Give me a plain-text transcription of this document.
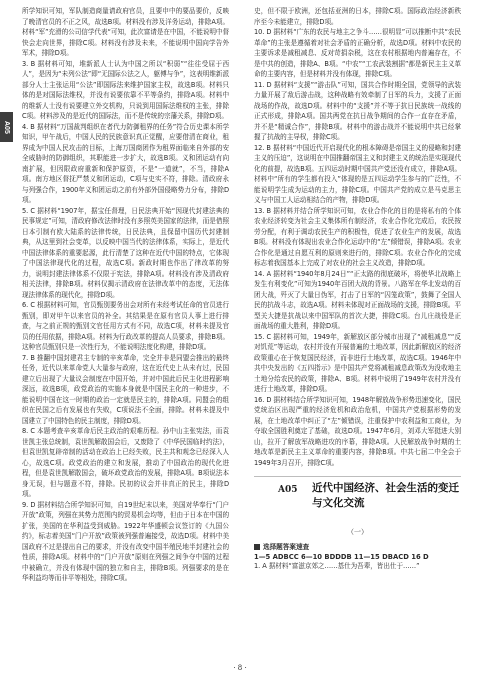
A05

所学知识可知，军队制造商量请政府官员，且要申中的要品要价，反映了晚清官员的不正之风，故选B项。材料没有涉及洋务运动，排除A项。材料“军”充滑的公司信学代表“可知，此次富请是在中国，不能说明中督快会走向世界，排除C项。材料没有涉及未来，不能说明中国向学告外军术，排除D项。

3. B 据材料可知，堆新派人士认为中国之所以“积弱”“往往受屈于西人”，是因为“未列公法”即“无国际公法之人，躯傅与争”，这表明维新派部分人士主张运用“公法”即国际法来维护国家主权，故选B项。材料只体的是对国际法维权，并没有说要依靠不平等条约，排除A项。材料中的维新人士没有说要建立外交机构，只说到用国际法维权的主张，排除C项。材料涉及的是近代的国际法，而不是传统的宗藩关系，排除D项。

4. B 据材料“万国裁判组织在者代力防御租界的任务”符合历史课本所学知识，甲午战后，中国人民的民族意识真正觉醒，应要借清在商业，租界成为中国人民攻击的目标，上海万国商团作为租界面临来自外部的安全威胁时的防御组织，其职能进一步扩大，故选B项。义和团运动有向南扩展，但因限政府重新和保护原资，不是“一道就”，不当，排除A项。南方地区督抚严禁义和团运动，C项与史实不符，排除。清政府永与列强合作，1900年义和团运动之前有外部外国侵略势力分布，排除D项。

5. C 据材料“1907年，据宝任督理，日民法典开始“因现代封建法典的民事规定”可知，清政府修改法律时没有多照英美国家的法律，而是借照日本引制有欧大陆系的法律传统，日民法典，且保留中国历代封建制典，从这里到社会变革，以反映中国当代的法律体系，实际上，是近代中国法律体系的重要起源，此行清楚了这种在近代中国的特点，它体现了中国法律现代化的过程，故选C项。新政时期也作出了律改革的努力，说明封建法律体系不仅限于宪法，排除A项。材料没有涉及清政府相关法律，排除B项。材料仅揭示清政府在法律改革中的态度，无法体现法律体系的现代化，排除D项。

6. C 根据材料可知，官员甄别要务出会对所有未经考试任命的官员进行甄别，即对甲午以来官员的补全。其结果是在原有官员人事上进行排查，与之前正规的甄别文官任用方式有不同，故选C项，材料未提及官员的任用依据，排除A项。材料为行政改革的提高人员要求，排除B项。这种官员甄别只是一次性行为，不能说明法度化构建，排除D项。

7. B 推翻中国封建君主专制的辛亥革命，完全并非是同盟会推出的最终任务，近代以来革命党人大量参与政府，这在近代史上从未有过，民国建立后出现了大量议会制度在中国开始，并对中国此后民主化进程影响深远，故选B项，政党政治的实施本身就是中国民主化的一种进步，不能说明中国在这一时期的政治一定就是民主的，排除A项。同盟会的组织在民国之后有发展也有失败，C项说法不全面，排除。材料未提及中国建立了中国特色的民主制度，排除D项。

8. C 本题考查辛亥革命后民主政治的艰难历程。孙中山主张宪法，而袁世凯主张总统制，袁世凯解散国会后，又废除了《中华民国临时约法》，但袁世凯复辟帝制的活动在政治上已经失败，民主共和观念已经深入人心，故选C项。政党政治的建立和发展，推动了中国政治的现代化进程，但是袁世凯解散国会，破坏政党政治的发展，排除A项。B项说法本身无误，但与题意不符，排除。民初的议会并非真正的民主，排除D项。

9. D 据材料结合所学知识可知，自19世纪末以来，美国对华奉行“门户开放”政策，列强在其势力范围内的贸易机会均等，但由于日本在中国的扩张，美国的在华利益受到威胁。1922年华盛顿会议签订的《九国公约》，标志着美国“门户开放”政策被列强普遍接受，故选D项。材料中美国政府不过是提出自己的要求，并没有改变中国半殖民地半封建社会的性质，排除A项。材料中的“门户开放”原则在列强之间争夺中国的过程中被确立，并没有体现中国的独立和自主，排除B项。列强要求的是在华利益均等而非平等相处，排除C项。

史，但不限于欧洲，还包括亚洲的日本，排除C项。国际政治经济新秩序至今未能建立，排除D项。

10. D 据材料“广东的农民与地主之争斗……很明显”可以推断中共“农民革命”的主张是遵循着对社会矛盾的正确分析，故选D项。材料中农民的主要诉求是减租减息、反对苛捐杂税，这在农村根据地内普遍存在，不是中共的创造，排除A、B项。“中农”“工农武装割据”都是新民主主义革命的主要内容，但是材料并没有体现，排除C项。

11. D 据材料“支援”“游击队”可知，国共合作时期全国，党领导的武装力量开展了敌后游击战，这种战略有效牵制了日军的兵力，支援了正面战场的作战，故选D项。材料中的“支援”并不等于抗日民族统一战线的正式形成，排除A项。国共两党在抗日战争期间的合作一直存在矛盾，并不是“精诚合作”，排除B项。材料中的游击战并不能说明中共已经掌握了抗战的主导权，排除C项。

12. B 据材料“中国近代开启现代化的根本障碍是帝国主义的侵略和封建主义的压迫”，这说明在中国推翻帝国主义和封建主义的统治是实现现代化的前提，故选B项。五四运动时期中国共产党还没有成立，排除A项。材料中“所有的学生都有投入”体现的是五四运动学生参与的广泛性，不能说明学生成为运动的主力，排除C项。中国共产党的成立是马克思主义与中国工人运动相结合的产物，排除D项。

13. B 据材料并结合所学知识可知，农业合作化的目的是将私有的个体农业经济转变为社会主义集体所有制经济，农业合作化完成后，农民按劳分配，有利于调动农民生产的积极性，促进了农业生产的发展，故选B项。材料没有体现出农业合作化运动中的“左”倾错误，排除A项。农业合作化是通过自愿互利的原则来进行的，排除C项。农业合作化的完成标志着我国基本上完成了对农业的社会主义改造，排除D项。

14. A 据材料“1940年8月24日”“正太路的彻底破坏，将使华北战略上发生有利变化”可知为1940年百团大战的背景。八路军在华北发动的百团大战，歼灭了大量日伪军，打击了日军的“囚笼政策”，鼓舞了全国人民的抗战斗志，故选A项。材料未体现对正面战场的支援，排除B项。平型关大捷是抗战以来中国军队的首次大捷，排除C项。台儿庄战役是正面战场的重大胜利，排除D项。

15. C 据材料可知，1949年，新解放区部分城市出现了“减租减息”“反对饥荒”等运动，农村并没有开展普遍的土地改革，因此新解放区的经济政策重心在于恢复国民经济，而非进行土地改革，故选C项。1946年中共中央发出的《五四指示》是中国共产党将减租减息政策改为没收地主土地分给农民的政策，排除A、B项。材料中说明了1949年农村并没有进行土地改革，排除D项。

16. D 据材料结合所学知识可知，1948年解放战争形势迅速变化，国民党统治区出现严重的经济危机和政治危机，中国共产党根据形势的发展，在土地改革中纠正了“左”倾错误，注重保护中农利益和工商业，为夺取全国胜利奠定了基础，故选D项。1947年6月，刘邓大军挺进大别山，拉开了解放军战略进攻的序幕，排除A项。人民解放战争时期的土地改革是新民主主义革命的重要内容，排除B项。中共七届二中全会于1949年3月召开，排除C项。

A05 近代中国经济、社会生活的变迁与文化交流
（一）
选择题答案速查
1—5 ADBCC 6—10 BDDDB 11—15 DBACD 16 D

1. A 据材料“富滋京郊之……基仕为吾辈，皆出仕于……”

· 8 ·
